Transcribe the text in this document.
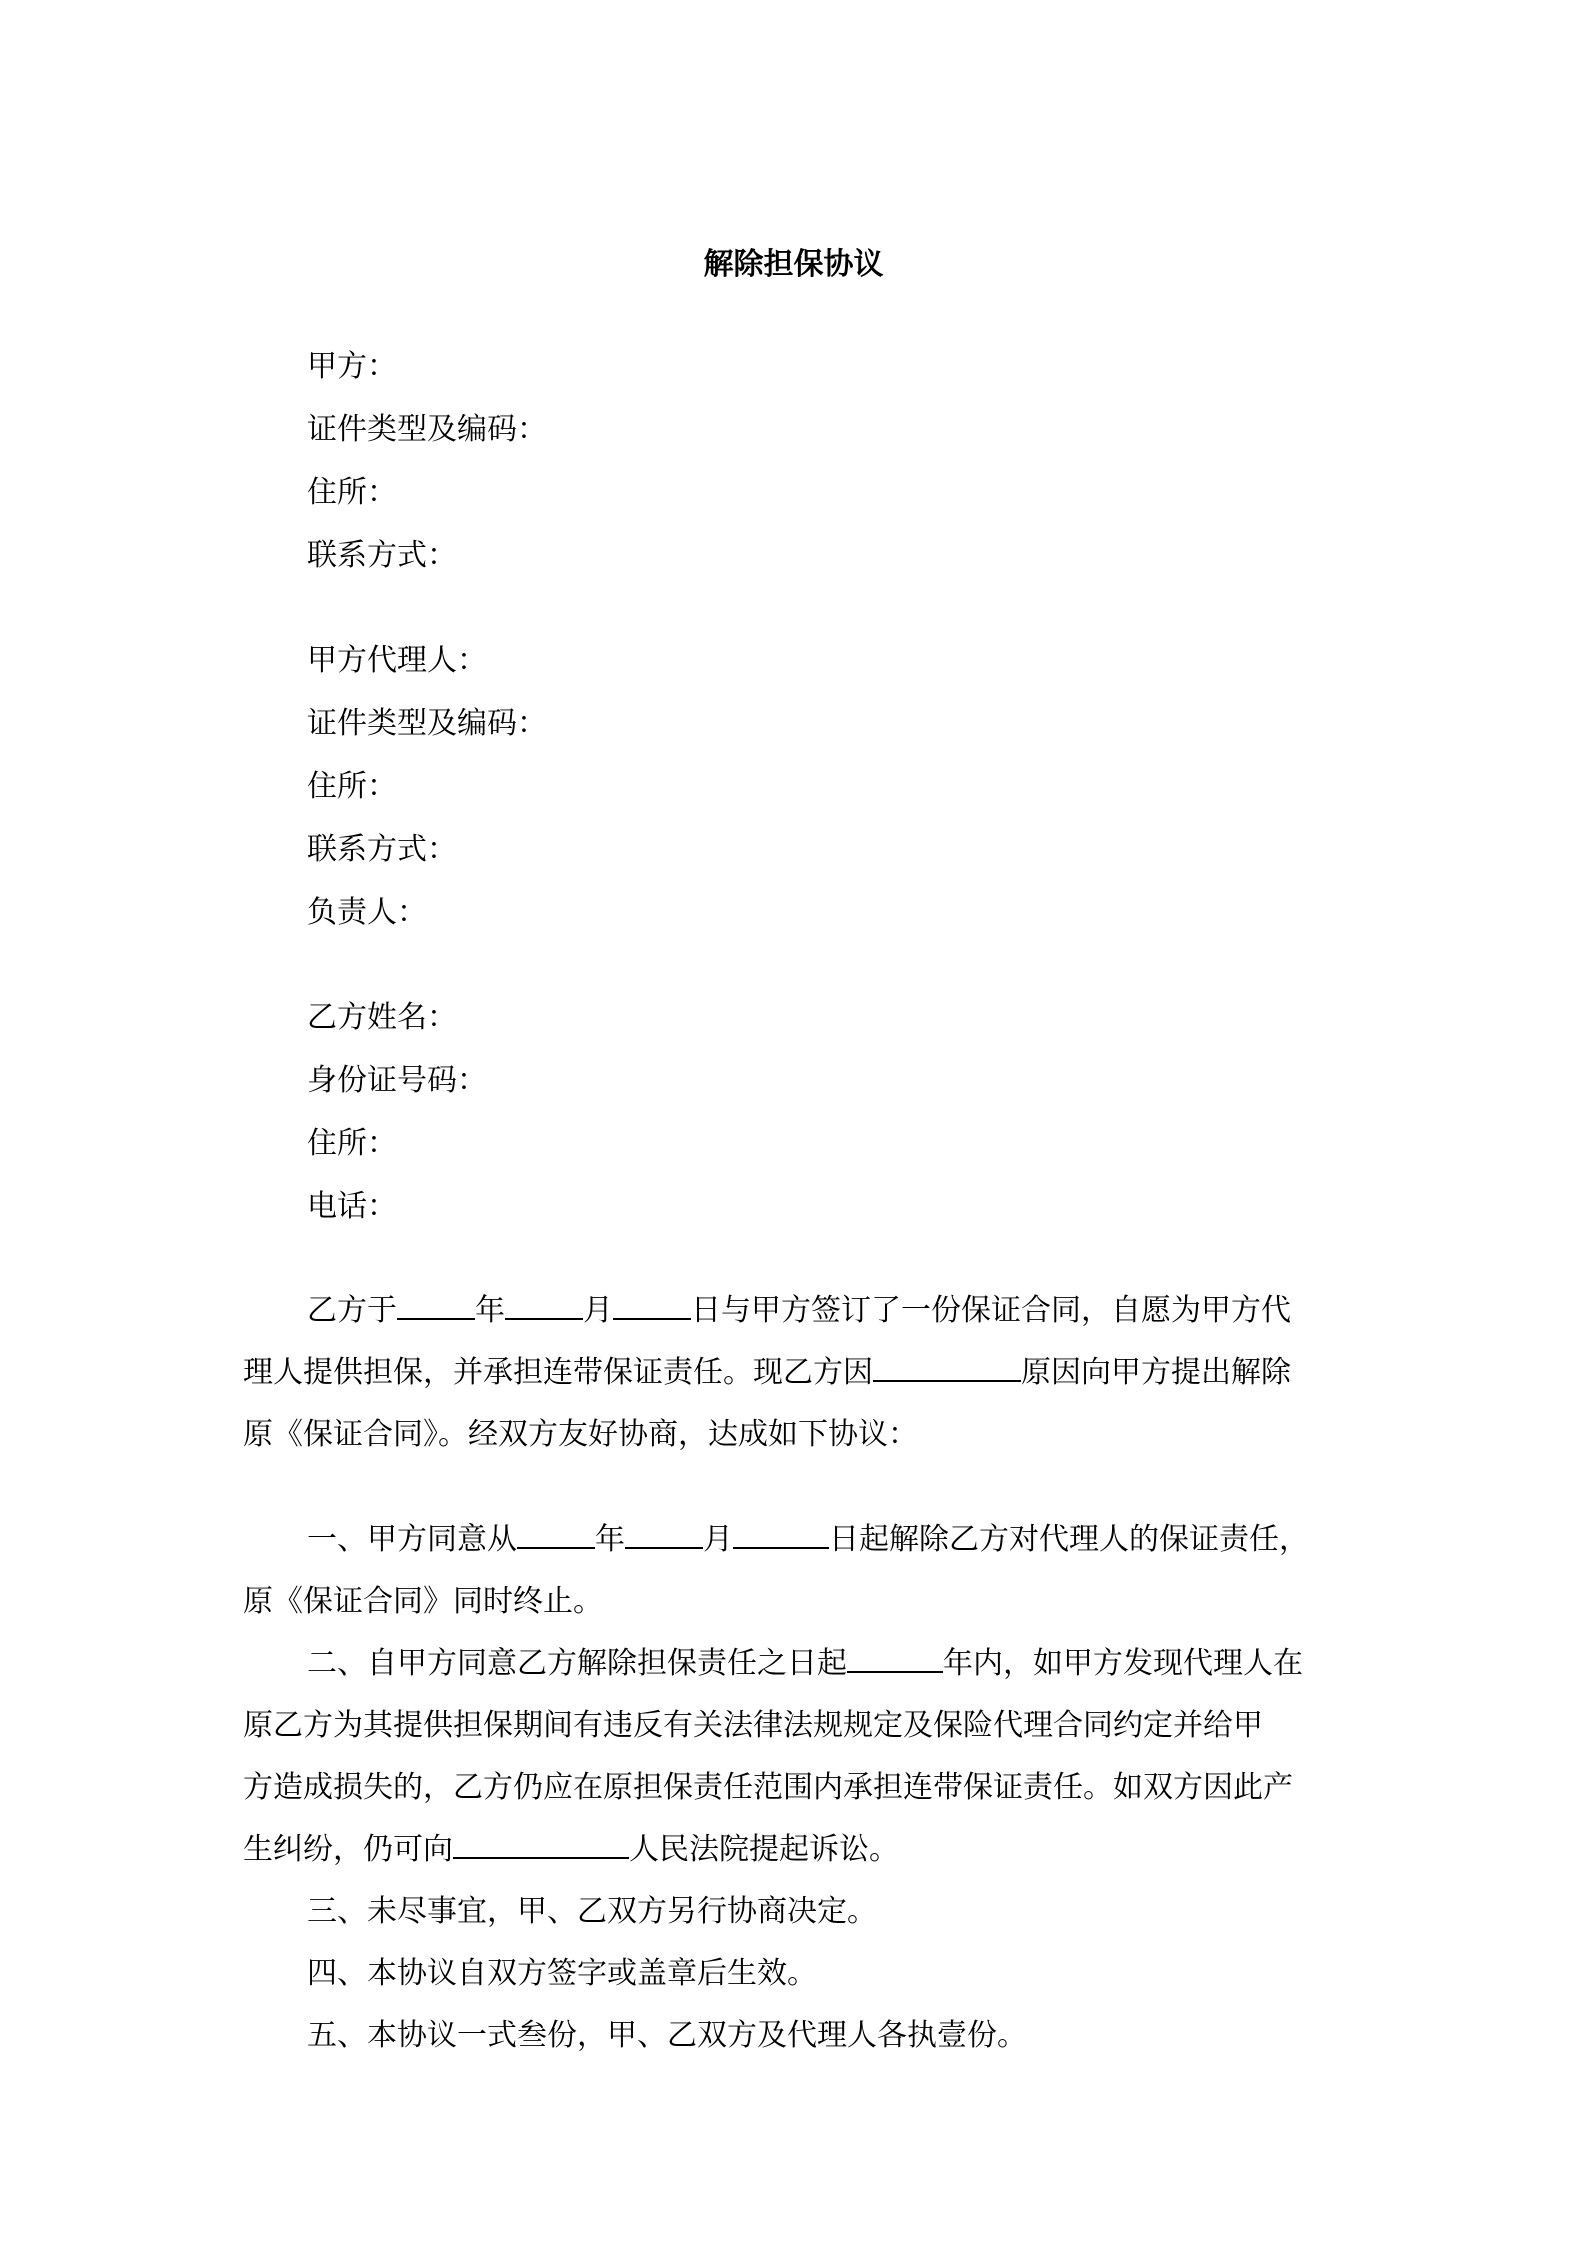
解除担保协议
甲方：
证件类型及编码：
住所：
联系方式：
甲方代理人：
证件类型及编码：
住所：
联系方式：
负责人：
乙方姓名：
身份证号码：
住所：
电话：
乙方于	年	月	日与甲方签订了一份保证合同，自愿为甲方代
理人提供担保，并承担连带保证责任。现乙方因	原因向甲方提出解除
原《保证合同》。经双方友好协商，达成如下协议：
一、甲方同意从	年	月	日起解除乙方对代理人的保证责任，
原《保证合同》同时终止。
二、自甲方同意乙方解除担保责任之日起	年内，如甲方发现代理人在
原乙方为其提供担保期间有违反有关法律法规规定及保险代理合同约定并给甲
方造成损失的，乙方仍应在原担保责任范围内承担连带保证责任。如双方因此产
生纠纷，仍可向	人民法院提起诉讼。
三、未尽事宜，甲、乙双方另行协商决定。
四、本协议自双方签字或盖章后生效。
五、本协议一式叁份，甲、乙双方及代理人各执壹份。
